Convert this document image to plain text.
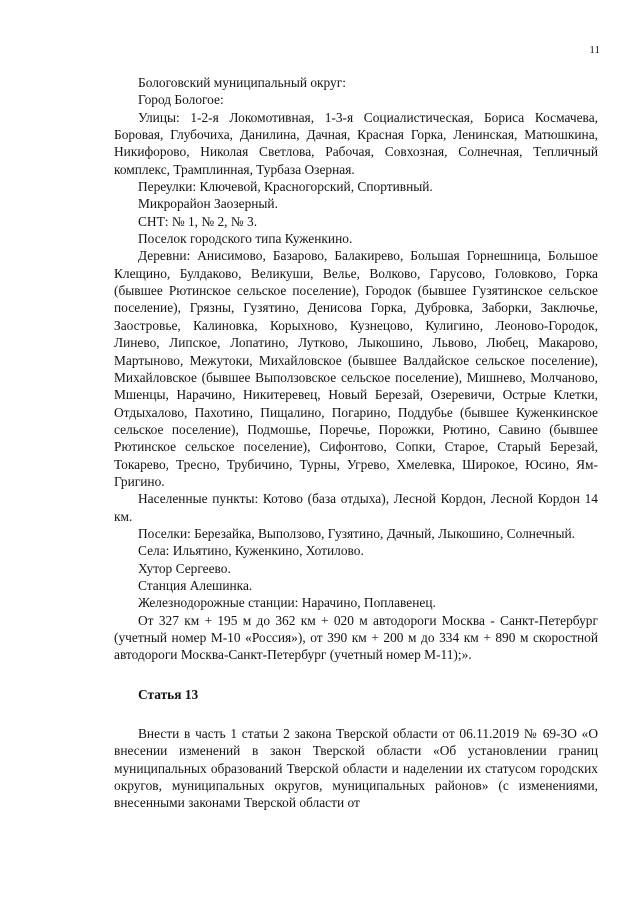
11

Бологовский муниципальный округ:

Город Бологое:

Улицы: 1-2-я Локомотивная, 1-3-я Социалистическая, Бориса Космачева, Боровая, Глубочиха, Данилина, Дачная, Красная Горка, Ленинская, Матюшкина, Никифорово, Николая Светлова, Рабочая, Совхозная, Солнечная, Тепличный комплекс, Трамплинная, Турбаза Озерная.

Переулки: Ключевой, Красногорский, Спортивный.

Микрорайон Заозерный.

СНТ: № 1, № 2, № 3.

Поселок городского типа Куженкино.

Деревни: Анисимово, Базарово, Балакирево, Большая Горнешница, Большое Клещино, Булдаково, Великуши, Велье, Волково, Гарусово, Головково, Горка (бывшее Рютинское сельское поселение), Городок (бывшее Гузятинское сельское поселение), Грязны, Гузятино, Денисова Горка, Дубровка, Заборки, Заключье, Заостровье, Калиновка, Корыхново, Кузнецово, Кулигино, Леоново-Городок, Линево, Липское, Лопатино, Лутково, Лыкошино, Львово, Любец, Макарово, Мартыново, Межутоки, Михайловское (бывшее Валдайское сельское поселение), Михайловское (бывшее Выползовское сельское поселение), Мишнево, Молчановo, Мшенцы, Нарачино, Никитеревец, Новый Березай, Озеревичи, Острые Клетки, Отдыхалово, Пахотино, Пищалино, Погарино, Поддубье (бывшее Куженкинское сельское поселение), Подмошье, Поречье, Порожки, Рютино, Савино (бывшее Рютинское сельское поселение), Сифонтово, Сопки, Старое, Старый Березай, Токарево, Тресно, Трубичино, Турны, Угрево, Хмелевка, Широкое, Юсино, Ям-Григино.

Населенные пункты: Котово (база отдыха), Лесной Кордон, Лесной Кордон 14 км.

Поселки: Березайка, Выползово, Гузятино, Дачный, Лыкошино, Солнечный.

Села: Ильятино, Куженкино, Хотилово.

Хутор Сергеево.

Станция Алешинка.

Железнодорожные станции: Нарачино, Поплавенец.

От 327 км + 195 м до 362 км + 020 м автодороги Москва - Санкт-Петербург (учетный номер М-10 «Россия»), от 390 км + 200 м до 334 км + 890 м скоростной автодороги Москва-Санкт-Петербург (учетный номер М-11);».

Статья 13

Внести в часть 1 статьи 2 закона Тверской области от 06.11.2019 № 69-ЗО «О внесении изменений в закон Тверской области «Об установлении границ муниципальных образований Тверской области и наделении их статусом городских округов, муниципальных округов, муниципальных районов» (с изменениями, внесенными законами Тверской области от
